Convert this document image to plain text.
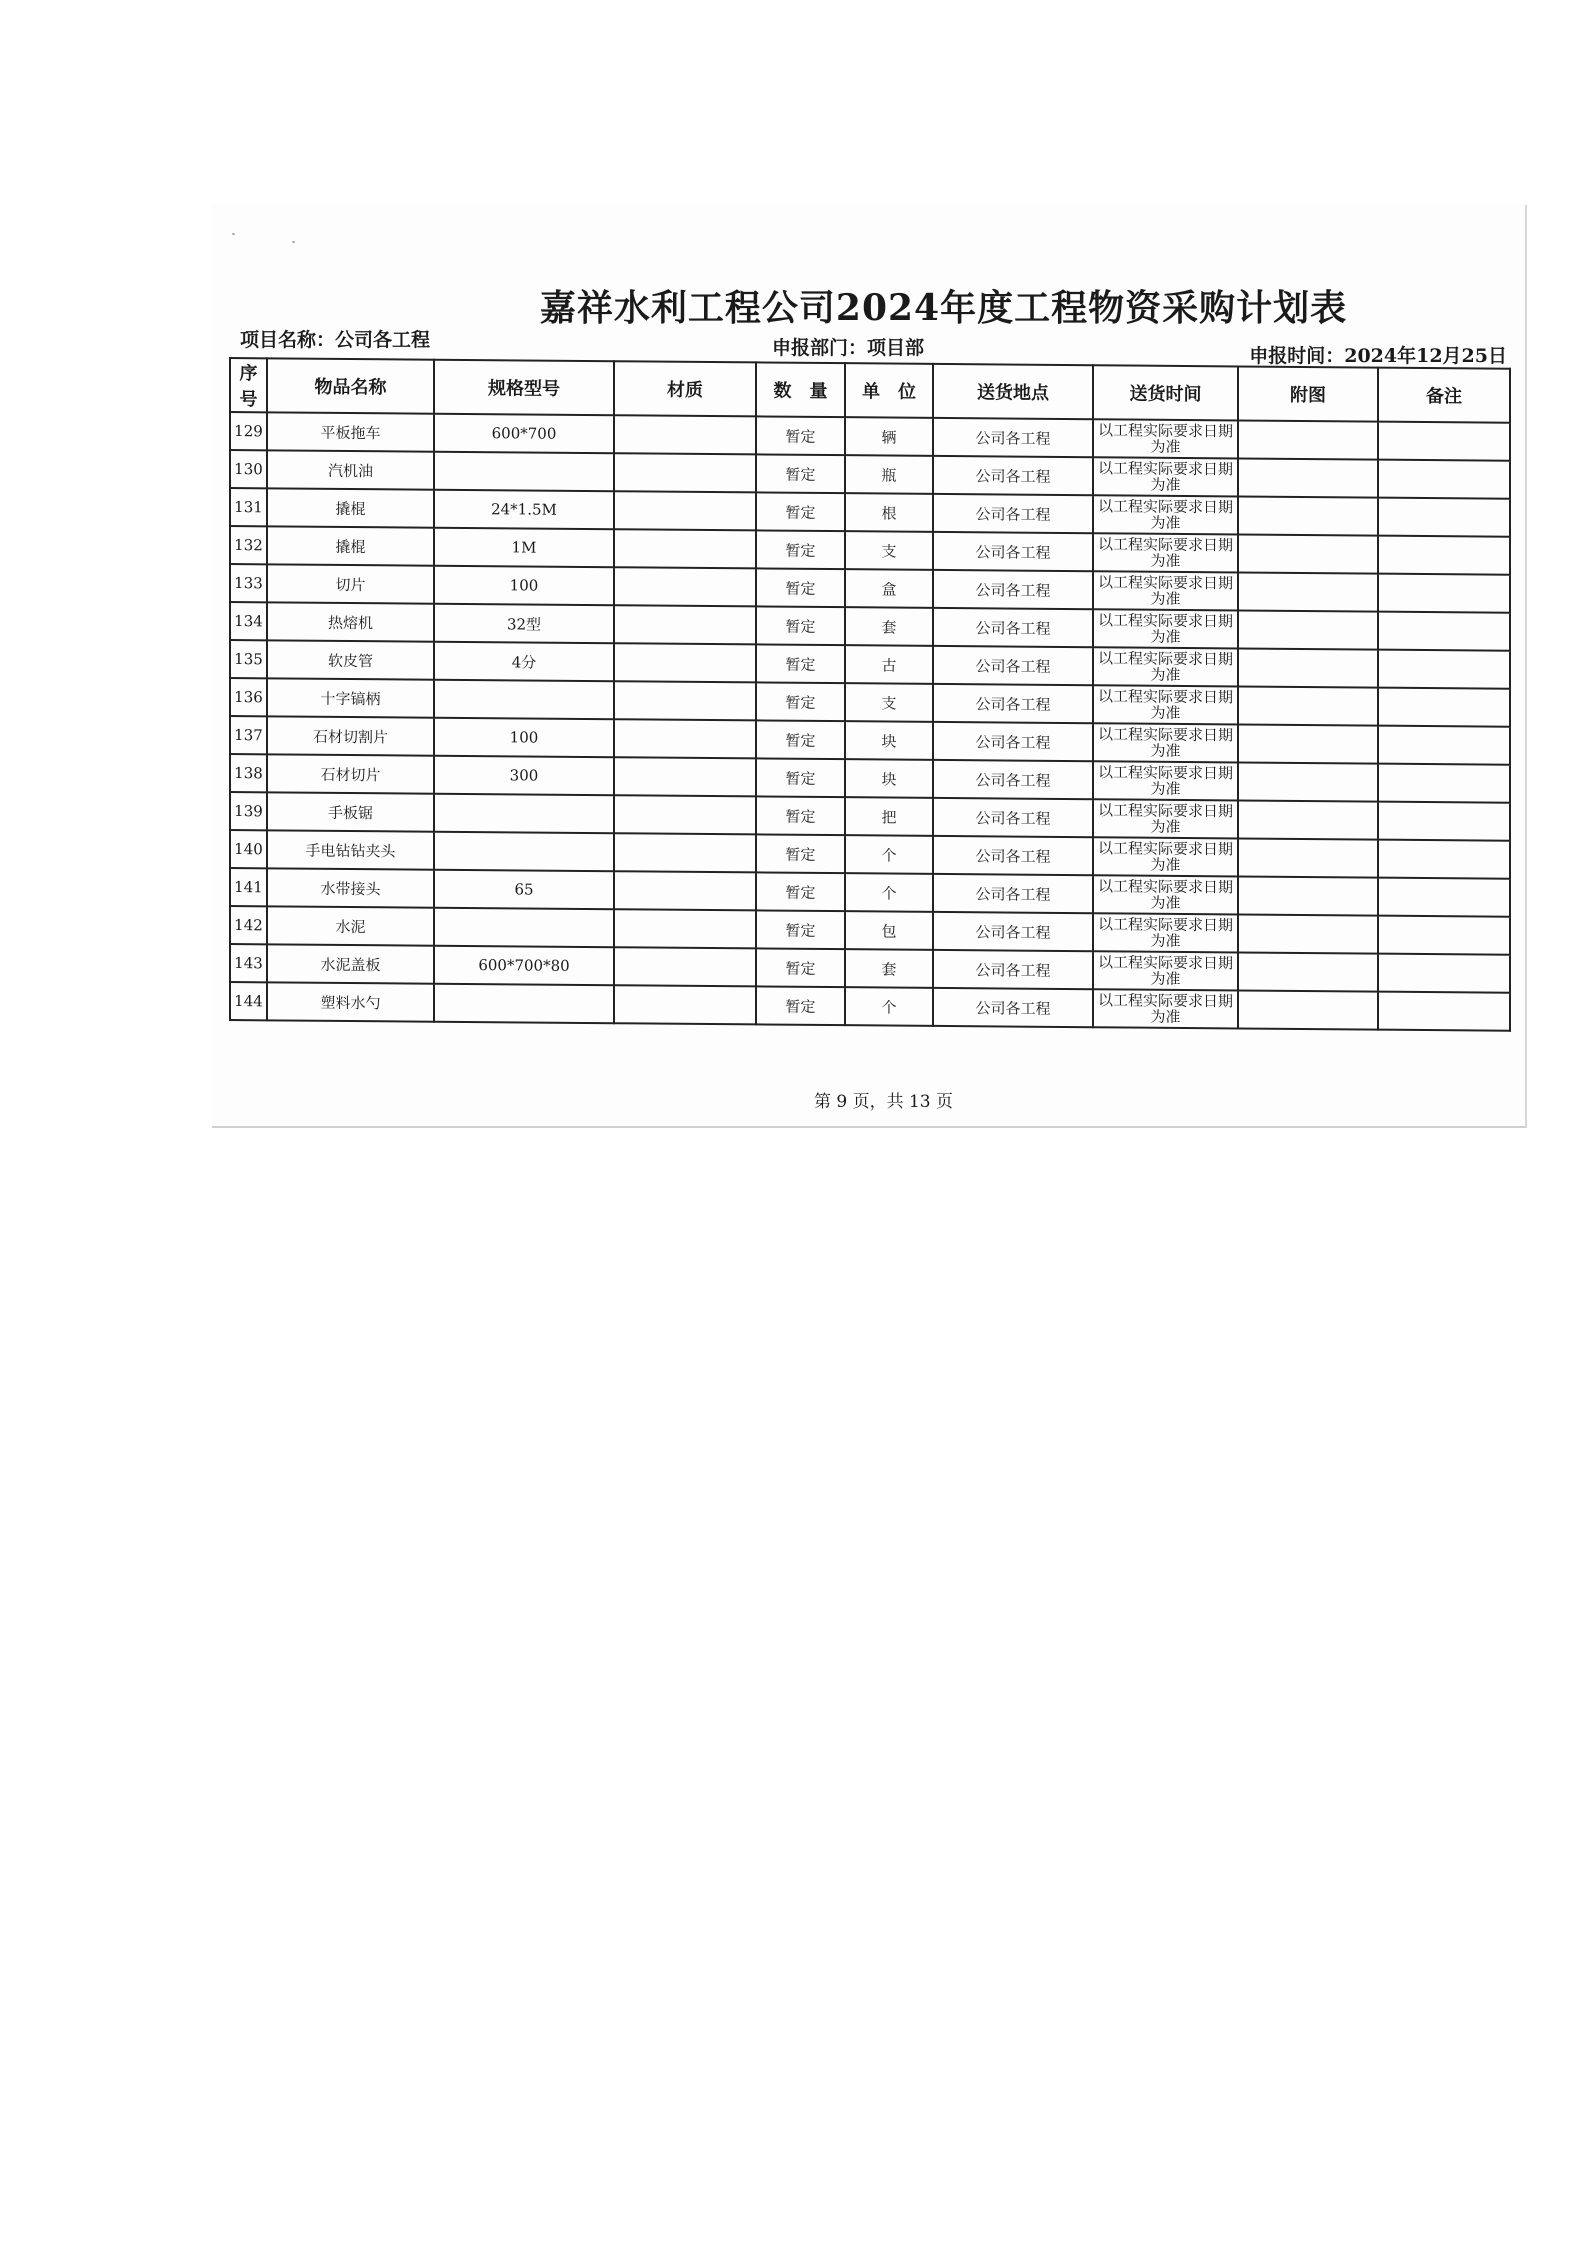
嘉祥水利工程公司2024年度工程物资采购计划表
项目名称：公司各工程	申报部门：项目部	申报时间：2024年12月25日
序号	物品名称	规格型号	材质	数　量	单　位	送货地点	送货时间	附图	备注
129	平板拖车	600*700		暂定	辆	公司各工程	以工程实际要求日期为准		
130	汽机油			暂定	瓶	公司各工程	以工程实际要求日期为准		
131	撬棍	24*1.5M		暂定	根	公司各工程	以工程实际要求日期为准		
132	撬棍	1M		暂定	支	公司各工程	以工程实际要求日期为准		
133	切片	100		暂定	盒	公司各工程	以工程实际要求日期为准		
134	热熔机	32型		暂定	套	公司各工程	以工程实际要求日期为准		
135	软皮管	4分		暂定	古	公司各工程	以工程实际要求日期为准		
136	十字镐柄			暂定	支	公司各工程	以工程实际要求日期为准		
137	石材切割片	100		暂定	块	公司各工程	以工程实际要求日期为准		
138	石材切片	300		暂定	块	公司各工程	以工程实际要求日期为准		
139	手板锯			暂定	把	公司各工程	以工程实际要求日期为准		
140	手电钻钻夹头			暂定	个	公司各工程	以工程实际要求日期为准		
141	水带接头	65		暂定	个	公司各工程	以工程实际要求日期为准		
142	水泥			暂定	包	公司各工程	以工程实际要求日期为准		
143	水泥盖板	600*700*80		暂定	套	公司各工程	以工程实际要求日期为准		
144	塑料水勺			暂定	个	公司各工程	以工程实际要求日期为准		
第 9 页，共 13 页
